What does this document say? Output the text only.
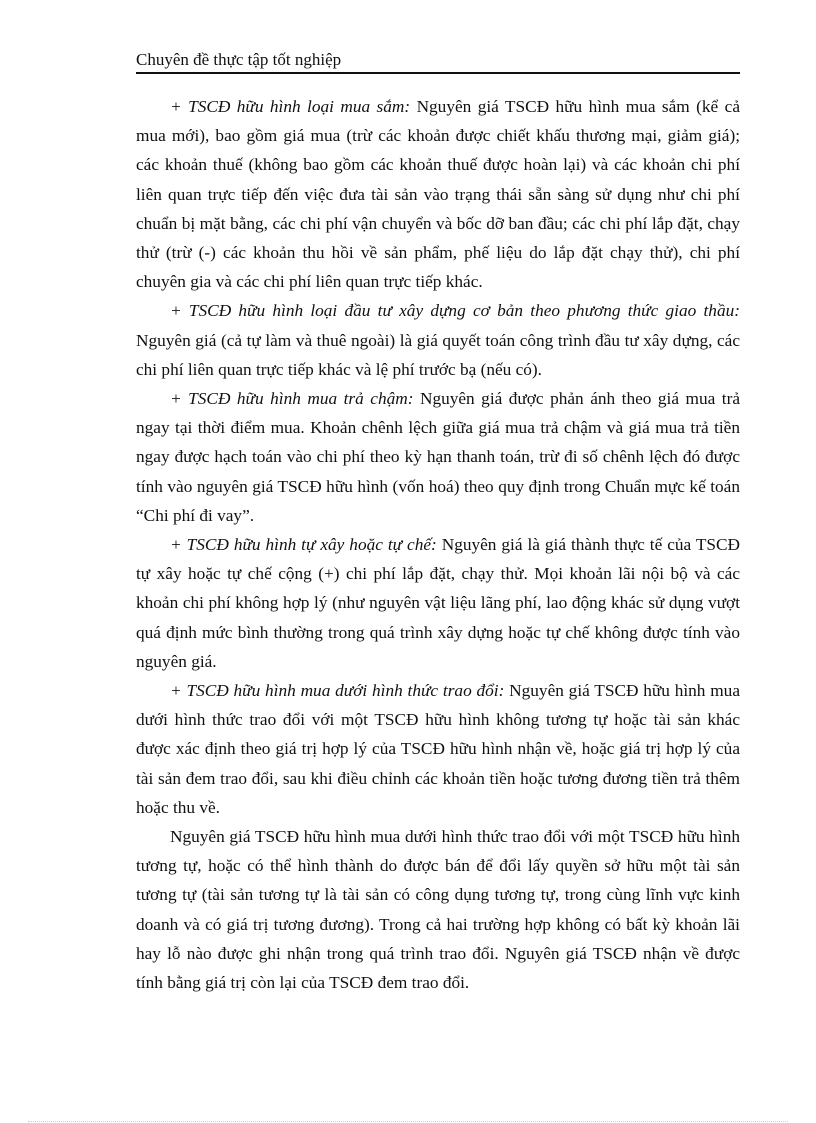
Chuyên đề thực tập tốt nghiệp

+ TSCĐ hữu hình loại mua sắm: Nguyên giá TSCĐ hữu hình mua sắm (kể cả mua mới), bao gồm giá mua (trừ các khoản được chiết khấu thương mại, giảm giá); các khoản thuế (không bao gồm các khoản thuế được hoàn lại) và các khoản chi phí liên quan trực tiếp đến việc đưa tài sản vào trạng thái sẵn sàng sử dụng như chi phí chuẩn bị mặt bằng, các chi phí vận chuyển và bốc dỡ ban đầu; các chi phí lắp đặt, chạy thử (trừ (-) các khoản thu hồi về sản phẩm, phế liệu do lắp đặt chạy thử), chi phí chuyên gia và các chi phí liên quan trực tiếp khác.

+ TSCĐ hữu hình loại đầu tư xây dựng cơ bản theo phương thức giao thầu: Nguyên giá (cả tự làm và thuê ngoài) là giá quyết toán công trình đầu tư xây dựng, các chi phí liên quan trực tiếp khác và lệ phí trước bạ (nếu có).

+ TSCĐ hữu hình mua trả chậm: Nguyên giá được phản ánh theo giá mua trả ngay tại thời điểm mua. Khoản chênh lệch giữa giá mua trả chậm và giá mua trả tiền ngay được hạch toán vào chi phí theo kỳ hạn thanh toán, trừ đi số chênh lệch đó được tính vào nguyên giá TSCĐ hữu hình (vốn hoá) theo quy định trong Chuẩn mực kế toán “Chi phí đi vay”.

+ TSCĐ hữu hình tự xây hoặc tự chế: Nguyên giá là giá thành thực tế của TSCĐ tự xây hoặc tự chế cộng (+) chi phí lắp đặt, chạy thử. Mọi khoản lãi nội bộ và các khoản chi phí không hợp lý (như nguyên vật liệu lãng phí, lao động khác sử dụng vượt quá định mức bình thường trong quá trình xây dựng hoặc tự chế không được tính vào nguyên giá.

+ TSCĐ hữu hình mua dưới hình thức trao đổi: Nguyên giá TSCĐ hữu hình mua dưới hình thức trao đổi với một TSCĐ hữu hình không tương tự hoặc tài sản khác được xác định theo giá trị hợp lý của TSCĐ hữu hình nhận về, hoặc giá trị hợp lý của tài sản đem trao đổi, sau khi điều chỉnh các khoản tiền hoặc tương đương tiền trả thêm hoặc thu về.

Nguyên giá TSCĐ hữu hình mua dưới hình thức trao đổi với một TSCĐ hữu hình tương tự, hoặc có thể hình thành do được bán để đổi lấy quyền sở hữu một tài sản tương tự (tài sản tương tự là tài sản có công dụng tương tự, trong cùng lĩnh vực kinh doanh và có giá trị tương đương). Trong cả hai trường hợp không có bất kỳ khoản lãi hay lỗ nào được ghi nhận trong quá trình trao đổi. Nguyên giá TSCĐ nhận về được tính bằng giá trị còn lại của TSCĐ đem trao đổi.
